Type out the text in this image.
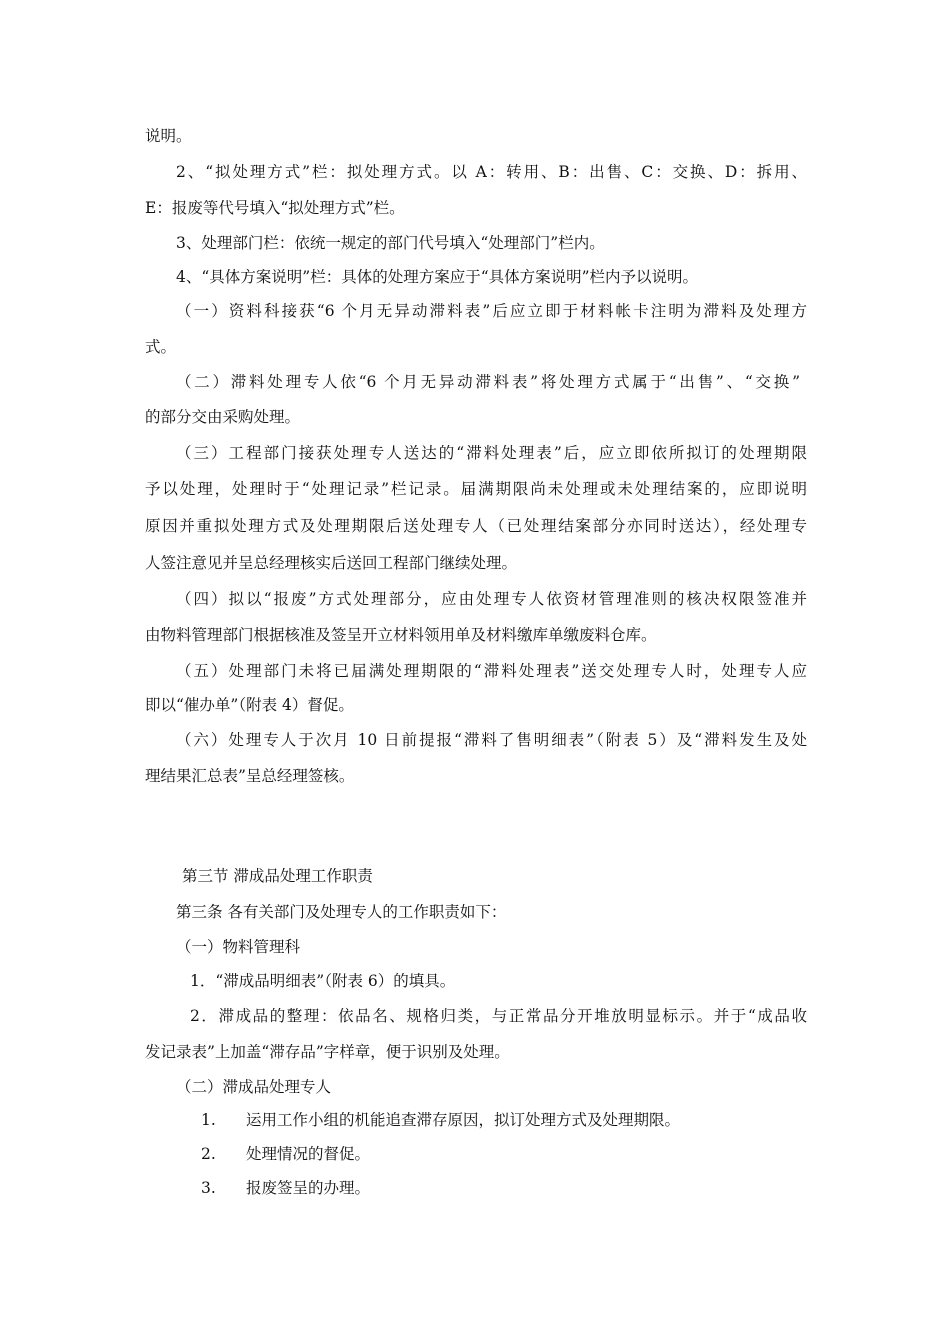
说明。

2、“拟处理方式”栏：拟处理方式。以 A：转用、B：出售、C：交换、D：拆用、

E：报废等代号填入“拟处理方式”栏。

3、处理部门栏：依统一规定的部门代号填入“处理部门”栏内。

4、“具体方案说明”栏：具体的处理方案应于“具体方案说明”栏内予以说明。

（一）资料科接获“6 个月无异动滞料表”后应立即于材料帐卡注明为滞料及处理方

式。

（二）滞料处理专人依“6 个月无异动滞料表”将处理方式属于“出售”、“交换”

的部分交由采购处理。

（三）工程部门接获处理专人送达的“滞料处理表”后，应立即依所拟订的处理期限

予以处理，处理时于“处理记录”栏记录。届满期限尚未处理或未处理结案的，应即说明

原因并重拟处理方式及处理期限后送处理专人（已处理结案部分亦同时送达），经处理专

人签注意见并呈总经理核实后送回工程部门继续处理。

（四）拟以“报废”方式处理部分，应由处理专人依资材管理准则的核决权限签准并

由物料管理部门根据核准及签呈开立材料领用单及材料缴库单缴废料仓库。

（五）处理部门未将已届满处理期限的“滞料处理表”送交处理专人时，处理专人应

即以“催办单”（附表 4）督促。

（六）处理专人于次月 10 日前提报“滞料了售明细表”（附表 5）及“滞料发生及处

理结果汇总表”呈总经理签核。

第三节 滞成品处理工作职责

第三条 各有关部门及处理专人的工作职责如下：

（一）物料管理科

1．“滞成品明细表”（附表 6）的填具。

2．滞成品的整理：依品名、规格归类，与正常品分开堆放明显标示。并于“成品收

发记录表”上加盖“滞存品”字样章，便于识别及处理。

（二）滞成品处理专人

1. 运用工作小组的机能追查滞存原因，拟订处理方式及处理期限。

2. 处理情况的督促。

3. 报废签呈的办理。
